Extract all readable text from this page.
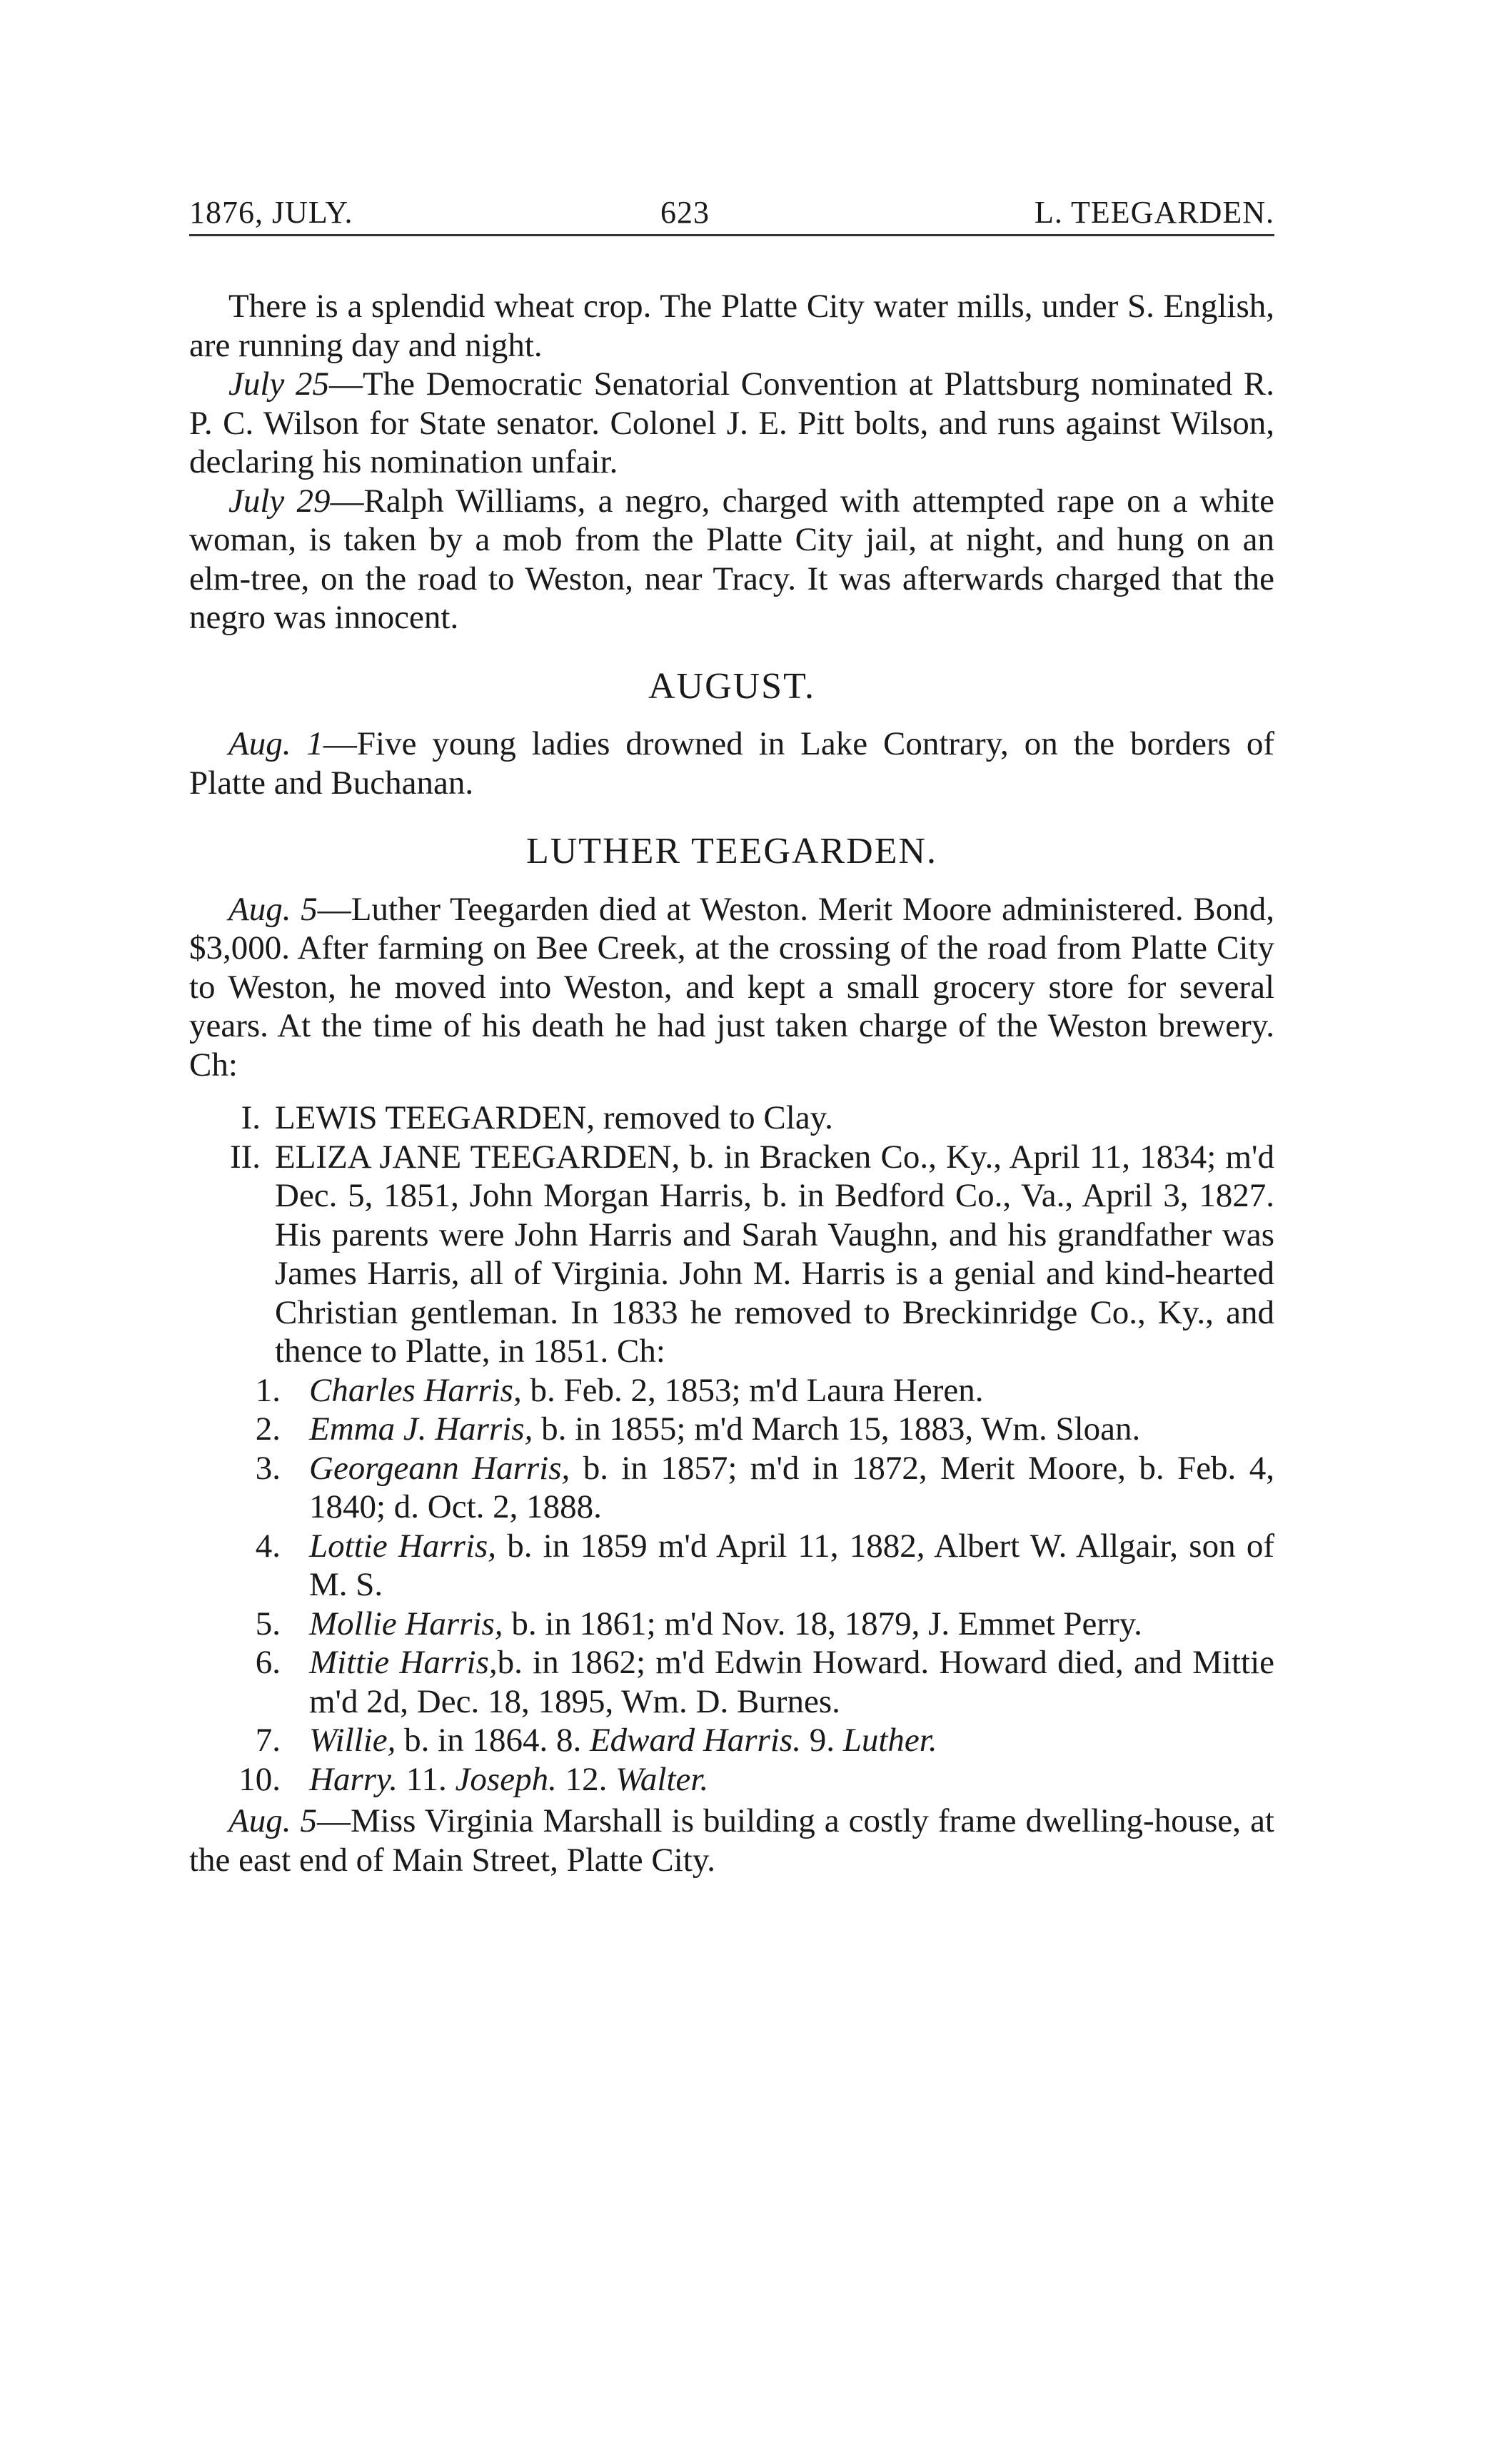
1876, JULY.	623	L. TEEGARDEN.

There is a splendid wheat crop. The Platte City water mills, under S. English, are running day and night.

July 25—The Democratic Senatorial Convention at Plattsburg nominated R. P. C. Wilson for State senator. Colonel J. E. Pitt bolts, and runs against Wilson, declaring his nomination unfair.

July 29—Ralph Williams, a negro, charged with attempted rape on a white woman, is taken by a mob from the Platte City jail, at night, and hung on an elm-tree, on the road to Weston, near Tracy. It was afterwards charged that the negro was innocent.

AUGUST.

Aug. 1—Five young ladies drowned in Lake Contrary, on the borders of Platte and Buchanan.

LUTHER TEEGARDEN.

Aug. 5—Luther Teegarden died at Weston. Merit Moore administered. Bond, $3,000. After farming on Bee Creek, at the crossing of the road from Platte City to Weston, he moved into Weston, and kept a small grocery store for several years. At the time of his death he had just taken charge of the Weston brewery. Ch:

I. LEWIS TEEGARDEN, removed to Clay.

II. ELIZA JANE TEEGARDEN, b. in Bracken Co., Ky., April 11, 1834; m'd Dec. 5, 1851, John Morgan Harris, b. in Bedford Co., Va., April 3, 1827. His parents were John Harris and Sarah Vaughn, and his grandfather was James Harris, all of Virginia. John M. Harris is a genial and kind-hearted Christian gentleman. In 1833 he removed to Breckinridge Co., Ky., and thence to Platte, in 1851. Ch:

1. Charles Harris, b. Feb. 2, 1853; m'd Laura Heren.

2. Emma J. Harris, b. in 1855; m'd March 15, 1883, Wm. Sloan.

3. Georgeann Harris, b. in 1857; m'd in 1872, Merit Moore, b. Feb. 4, 1840; d. Oct. 2, 1888.

4. Lottie Harris, b. in 1859 m'd April 11, 1882, Albert W. Allgair, son of M. S.

5. Mollie Harris, b. in 1861; m'd Nov. 18, 1879, J. Emmet Perry.

6. Mittie Harris,b. in 1862; m'd Edwin Howard. Howard died, and Mittie m'd 2d, Dec. 18, 1895, Wm. D. Burnes.

7. Willie, b. in 1864. 8. Edward Harris. 9. Luther.

10. Harry. 11. Joseph. 12. Walter.

Aug. 5—Miss Virginia Marshall is building a costly frame dwelling-house, at the east end of Main Street, Platte City.
